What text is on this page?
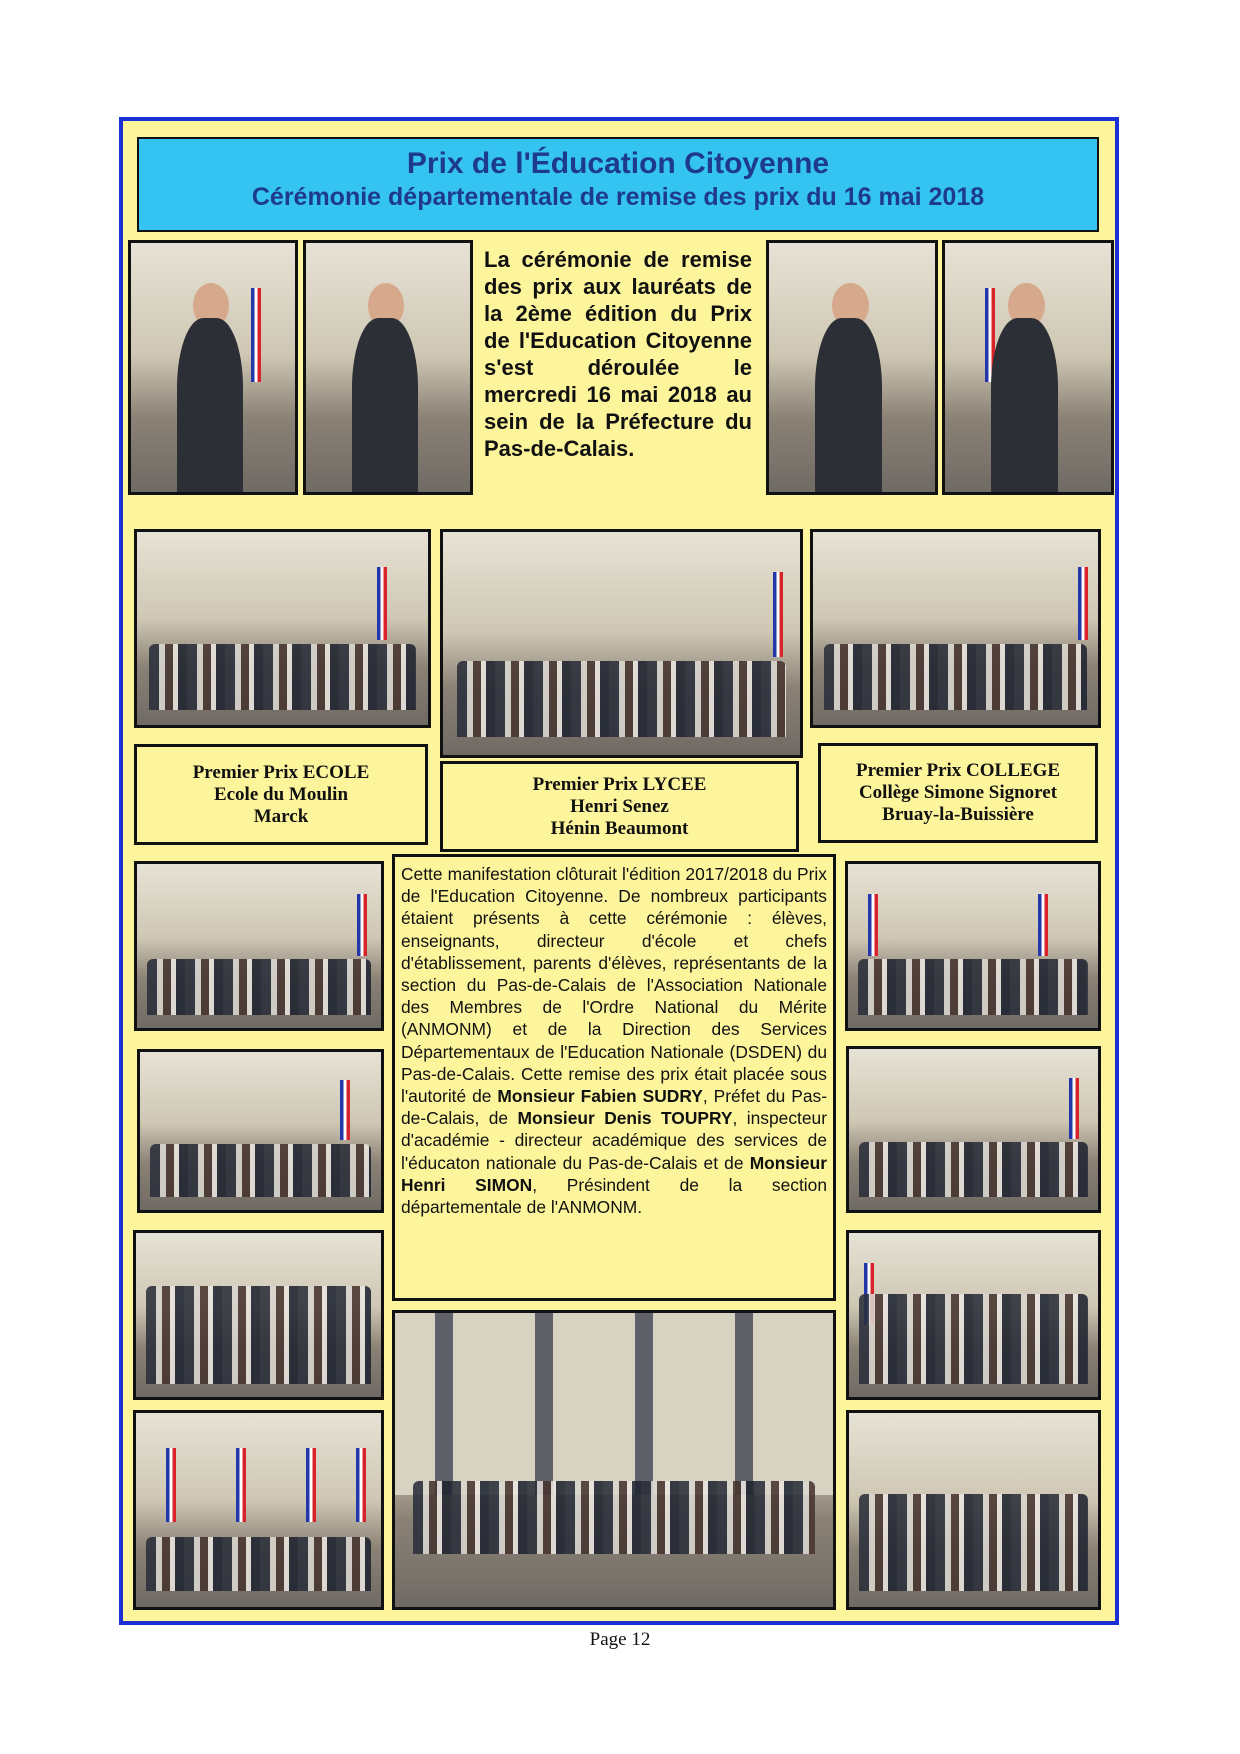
Prix de l'Éducation Citoyenne
Cérémonie départementale de remise des prix du 16 mai 2018
La cérémonie de remise des prix aux lauréats de la 2ème édition du Prix de l'Education Citoyenne s'est déroulée le mercredi 16 mai 2018 au sein de la Préfecture du Pas-de-Calais.
Premier Prix ECOLE
Ecole du Moulin
Marck
Premier Prix LYCEE
Henri Senez
Hénin Beaumont
Premier Prix COLLEGE
Collège Simone Signoret
Bruay-la-Buissière
Cette manifestation clôturait l'édition 2017/2018 du Prix de l'Education Citoyenne. De nombreux participants étaient présents à cette cérémonie : élèves, enseignants, directeur d'école et chefs d'établissement, parents d'élèves, représentants de la section du Pas-de-Calais de l'Association Nationale des Membres de l'Ordre National du Mérite (ANMONM) et de la Direction des Services Départementaux de l'Education Nationale (DSDEN) du Pas-de-Calais. Cette remise des prix était placée sous l'autorité de Monsieur Fabien SUDRY, Préfet du Pas-de-Calais, de Monsieur Denis TOUPRY, inspecteur d'académie - directeur académique des services de l'éducaton nationale du Pas-de-Calais et de Monsieur Henri SIMON, Présindent de la section départementale de l'ANMONM.
Page 12
